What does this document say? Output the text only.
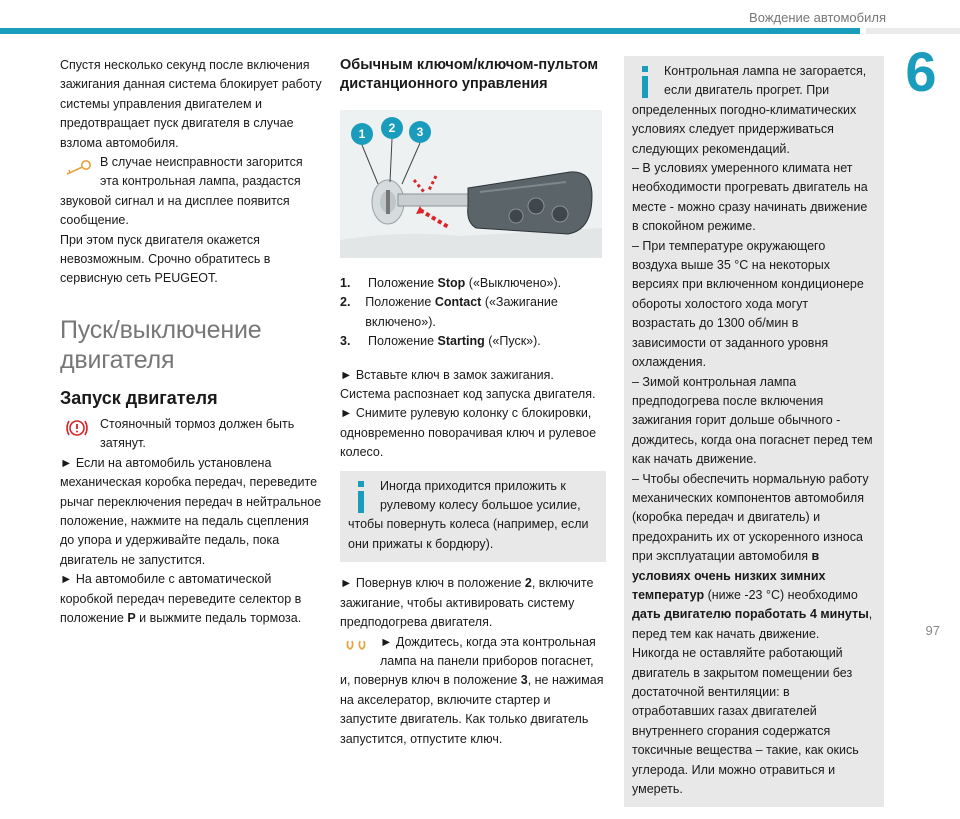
Вождение автомобиля
6

Спустя несколько секунд после включения зажигания данная система блокирует работу системы управления двигателем и предотвращает пуск двигателя в случае взлома автомобиля.

В случае неисправности загорится эта контрольная лампа, раздастся звуковой сигнал и на дисплее появится сообщение.

При этом пуск двигателя окажется невозможным. Срочно обратитесь в сервисную сеть PEUGEOT.

Пуск/выключение двигателя
Запуск двигателя

Стояночный тормоз должен быть затянут.

► Если на автомобиль установлена механическая коробка передач, переведите рычаг переключения передач в нейтральное положение, нажмите на педаль сцепления до упора и удерживайте педаль, пока двигатель не запустится.

► На автомобиле с автоматической коробкой передач переведите селектор в положение P и выжмите педаль тормоза.

Обычным ключом/ключом-пультом дистанционного управления
1 2 3
1.	Положение Stop («Выключено»).
2.	Положение Contact («Зажигание включено»).
3.	Положение Starting («Пуск»).

► Вставьте ключ в замок зажигания. Система распознает код запуска двигателя.

► Снимите рулевую колонку с блокировки, одновременно поворачивая ключ и рулевое колесо.

Иногда приходится приложить к рулевому колесу большое усилие, чтобы повернуть колеса (например, если они прижаты к бордюру).

► Повернув ключ в положение 2, включите зажигание, чтобы активировать систему предподогрева двигателя.

► Дождитесь, когда эта контрольная лампа на панели приборов погаснет, и, повернув ключ в положение 3, не нажимая на акселератор, включите стартер и запустите двигатель. Как только двигатель запустится, отпустите ключ.

Контрольная лампа не загорается, если двигатель прогрет. При определенных погодно-климатических условиях следует придерживаться следующих рекомендаций.

– В условиях умеренного климата нет необходимости прогревать двигатель на месте - можно сразу начинать движение в спокойном режиме.

– При температуре окружающего воздуха выше 35 °C на некоторых версиях при включенном кондиционере обороты холостого хода могут возрастать до 1300 об/мин в зависимости от заданного уровня охлаждения.

– Зимой контрольная лампа предподогрева после включения зажигания горит дольше обычного - дождитесь, когда она погаснет перед тем как начать движение.

– Чтобы обеспечить нормальную работу механических компонентов автомобиля (коробка передач и двигатель) и предохранить их от ускоренного износа при эксплуатации автомобиля в условиях очень низких зимних температур (ниже -23 °C) необходимо дать двигателю поработать 4 минуты, перед тем как начать движение.

Никогда не оставляйте работающий двигатель в закрытом помещении без достаточной вентиляции: в отработавших газах двигателей внутреннего сгорания содержатся токсичные вещества – такие, как окись углерода. Или можно отравиться и умереть.

97
